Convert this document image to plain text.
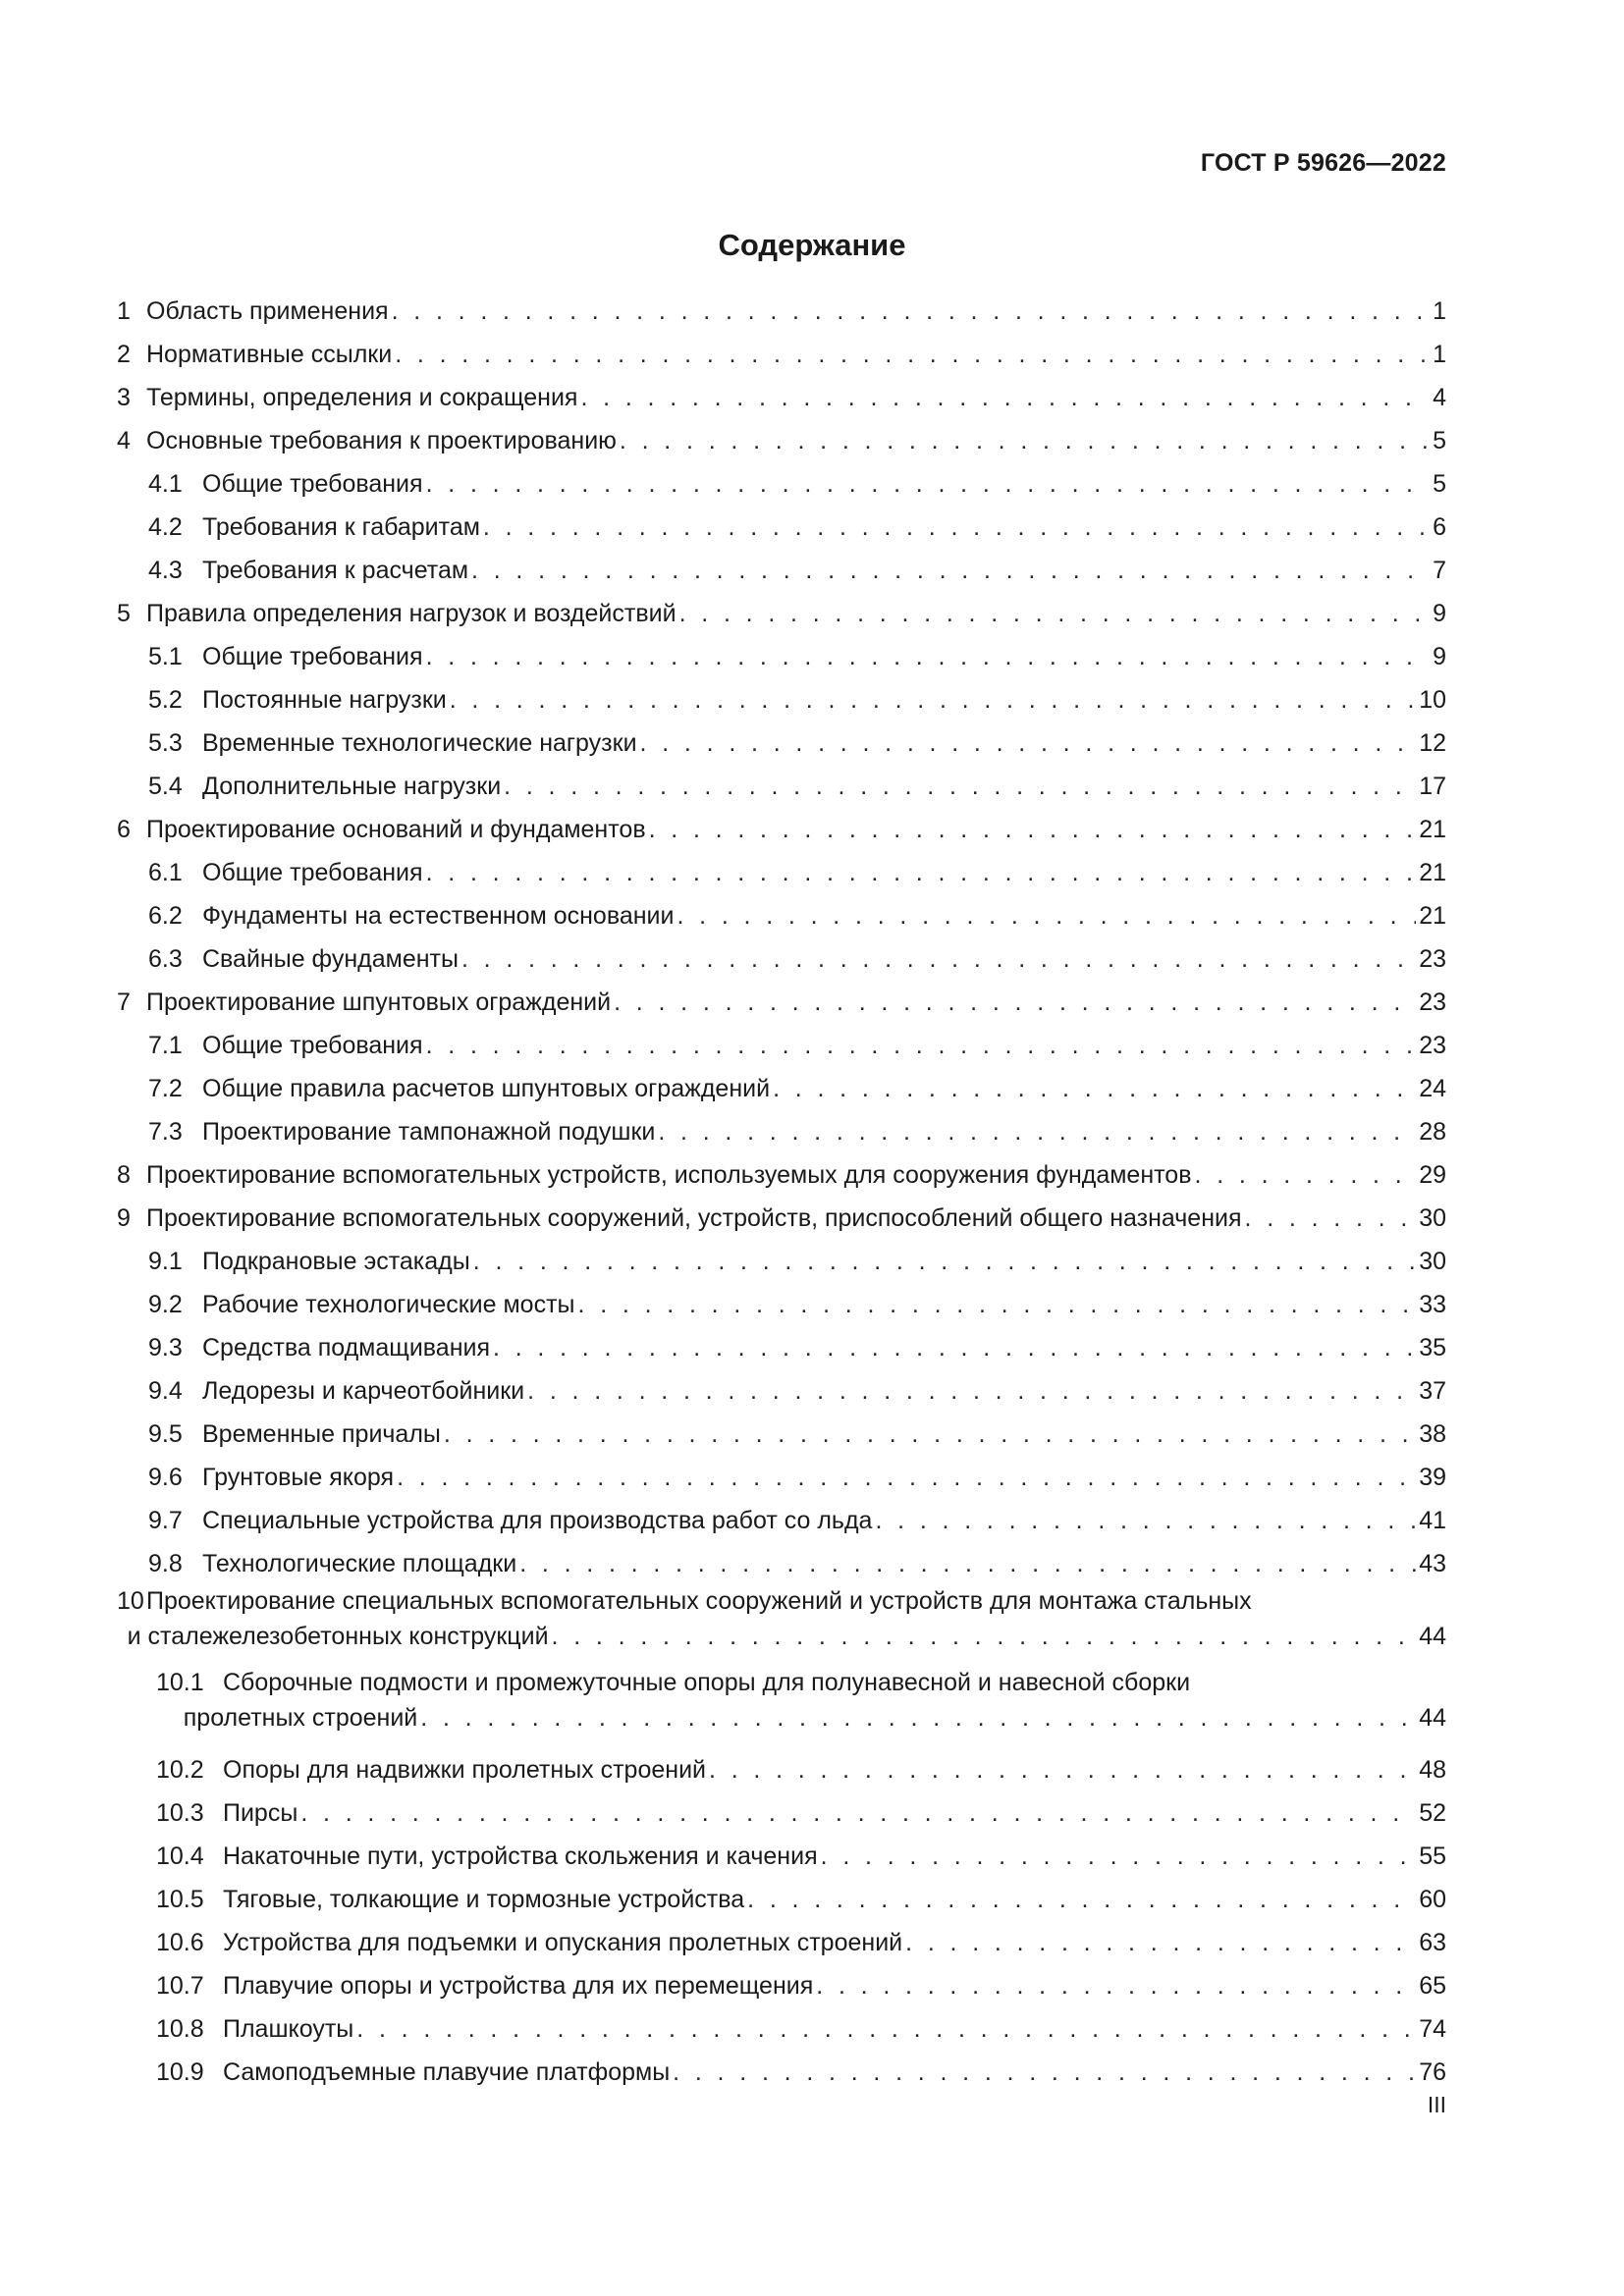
ГОСТ Р 59626—2022
Содержание
1 Область применения . . .	1
2 Нормативные ссылки . . .	1
3 Термины, определения и сокращения . . .	4
4 Основные требования к проектированию . . .	5
4.1 Общие требования . . .	5
4.2 Требования к габаритам . . .	6
4.3 Требования к расчетам . . .	7
5 Правила определения нагрузок и воздействий . . .	9
5.1 Общие требования . . .	9
5.2 Постоянные нагрузки . . .	10
5.3 Временные технологические нагрузки . . .	12
5.4 Дополнительные нагрузки . . .	17
6 Проектирование оснований и фундаментов . . .	21
6.1 Общие требования . . .	21
6.2 Фундаменты на естественном основании . . .	21
6.3 Свайные фундаменты . . .	23
7 Проектирование шпунтовых ограждений . . .	23
7.1 Общие требования . . .	23
7.2 Общие правила расчетов шпунтовых ограждений . . .	24
7.3 Проектирование тампонажной подушки . . .	28
8 Проектирование вспомогательных устройств, используемых для сооружения фундаментов . . .	29
9 Проектирование вспомогательных сооружений, устройств, приспособлений общего назначения . . .	30
9.1 Подкрановые эстакады . . .	30
9.2 Рабочие технологические мосты . . .	33
9.3 Средства подмащивания . . .	35
9.4 Ледорезы и карчеотбойники . . .	37
9.5 Временные причалы . . .	38
9.6 Грунтовые якоря . . .	39
9.7 Специальные устройства для производства работ со льда . . .	41
9.8 Технологические площадки . . .	43
10Проектирование специальных вспомогательных сооружений и устройств для монтажа стальных
и сталежелезобетонных конструкций . . .	44
10.1 Сборочные подмости и промежуточные опоры для полунавесной и навесной сборки
пролетных строений . . .	44
10.2 Опоры для надвижки пролетных строений . . .	48
10.3 Пирсы . . .	52
10.4 Накаточные пути, устройства скольжения и качения . . .	55
10.5 Тяговые, толкающие и тормозные устройства . . .	60
10.6 Устройства для подъемки и опускания пролетных строений . . .	63
10.7 Плавучие опоры и устройства для их перемещения . . .	65
10.8 Плашкоуты . . .	74
10.9 Самоподъемные плавучие платформы . . .	76
III
